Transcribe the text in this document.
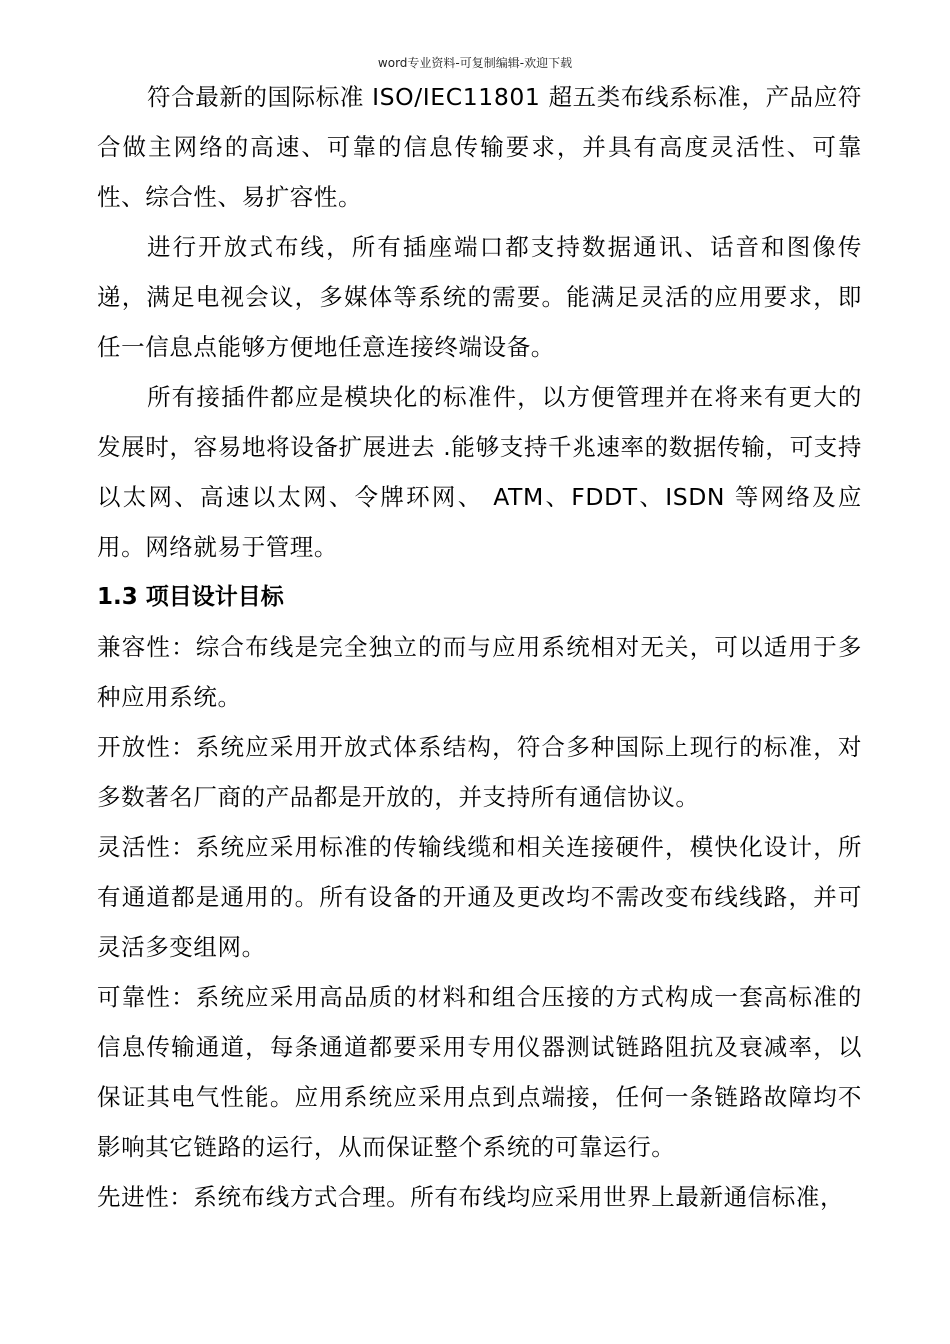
word专业资料-可复制编辑-欢迎下载

符合最新的国际标准 ISO/IEC11801 超五类布线系标准，产品应符合做主网络的高速、可靠的信息传输要求，并具有高度灵活性、可靠性、综合性、易扩容性。

进行开放式布线，所有插座端口都支持数据通讯、话音和图像传递，满足电视会议，多媒体等系统的需要。能满足灵活的应用要求，即任一信息点能够方便地任意连接终端设备。

所有接插件都应是模块化的标准件，以方便管理并在将来有更大的发展时，容易地将设备扩展进去 .能够支持千兆速率的数据传输，可支持以太网、高速以太网、令牌环网、 ATM、FDDT、ISDN 等网络及应用。网络就易于管理。

1.3 项目设计目标

兼容性：综合布线是完全独立的而与应用系统相对无关，可以适用于多种应用系统。

开放性：系统应采用开放式体系结构，符合多种国际上现行的标准，对多数著名厂商的产品都是开放的，并支持所有通信协议。

灵活性：系统应采用标准的传输线缆和相关连接硬件，模快化设计，所有通道都是通用的。所有设备的开通及更改均不需改变布线线路，并可灵活多变组网。

可靠性：系统应采用高品质的材料和组合压接的方式构成一套高标准的信息传输通道，每条通道都要采用专用仪器测试链路阻抗及衰减率，以保证其电气性能。应用系统应采用点到点端接，任何一条链路故障均不影响其它链路的运行，从而保证整个系统的可靠运行。

先进性：系统布线方式合理。所有布线均应采用世界上最新通信标准，
